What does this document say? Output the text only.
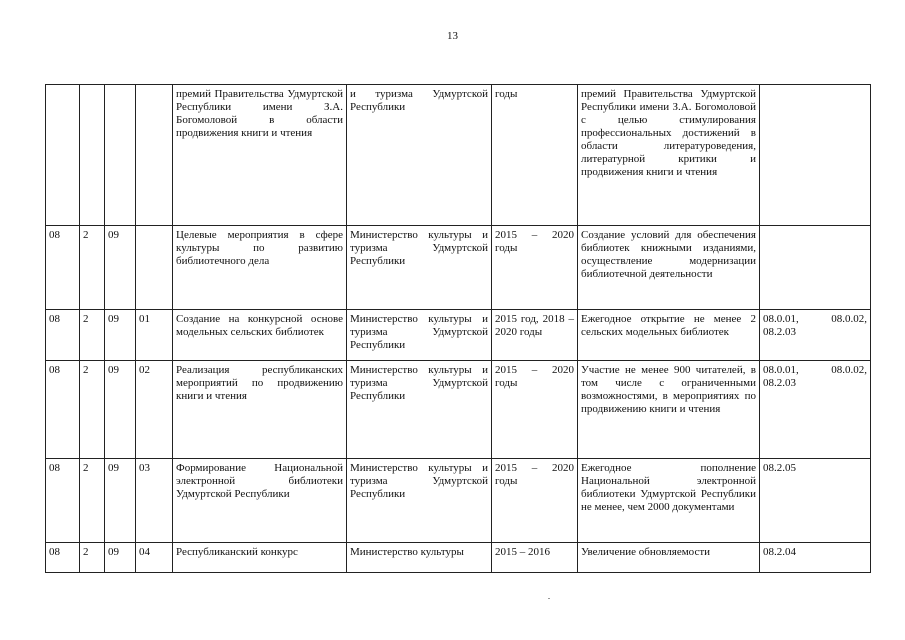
13
				премий Правительства Удмуртской Республики имени З.А. Богомоловой в области продвижения книги и чтения	и туризма Удмуртской Республики	годы	премий Правительства Удмуртской Республики имени З.А. Богомоловой с целью стимулирования профессиональных достижений в области литературоведения, литературной критики и продвижения книги и чтения	
08	2	09		Целевые мероприятия в сфере культуры по развитию библиотечного дела	Министерство культуры и туризма Удмуртской Республики	2015 – 2020 годы	Создание условий для обеспечения библиотек книжными изданиями, осуществление модернизации библиотечной деятельности	
08	2	09	01	Создание на конкурсной основе модельных сельских библиотек	Министерство культуры и туризма Удмуртской Республики	2015 год, 2018 – 2020 годы	Ежегодное открытие не менее 2 сельских модельных библиотек	08.0.01, 08.0.02, 08.2.03
08	2	09	02	Реализация республиканских мероприятий по продвижению книги и чтения	Министерство культуры и туризма Удмуртской Республики	2015 – 2020 годы	Участие не менее 900 читателей, в том числе с ограниченными возможностями, в мероприятиях по продвижению книги и чтения	08.0.01, 08.0.02, 08.2.03
08	2	09	03	Формирование Национальной электронной библиотеки Удмуртской Республики	Министерство культуры и туризма Удмуртской Республики	2015 – 2020 годы	Ежегодное пополнение Национальной электронной библиотеки Удмуртской Республики не менее, чем 2000 документами	08.2.05
08	2	09	04	Республиканский конкурс	Министерство культуры	2015 – 2016	Увеличение обновляемости	08.2.04
